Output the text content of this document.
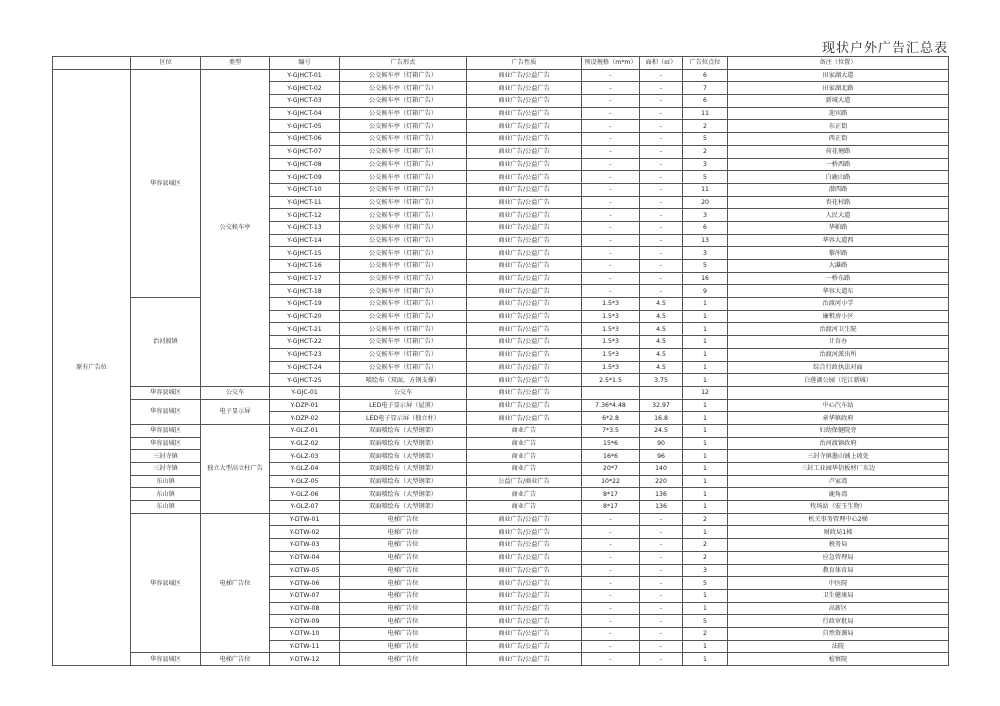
现状户外广告汇总表
	区位	类型	编号	广告形式	广告性质	预设规格（m*m）	面积（㎡）	广告位点位	备注（位置）
原有广告位	华容县城区	公交候车亭	Y-GJHCT-01	公交候车亭（灯箱广告）	商业广告/公益广告	-	-	6	田家湖大道
			Y-GJHCT-02	公交候车亭（灯箱广告）	商业广告/公益广告	-	-	7	田家湖北路
			Y-GJHCT-03	公交候车亭（灯箱广告）	商业广告/公益广告	-	-	6	新城大道
			Y-GJHCT-04	公交候车亭（灯箱广告）	商业广告/公益广告	-	-	11	迎宾路
			Y-GJHCT-05	公交候车亭（灯箱广告）	商业广告/公益广告	-	-	2	东正街
			Y-GJHCT-06	公交候车亭（灯箱广告）	商业广告/公益广告	-	-	5	西正街
			Y-GJHCT-07	公交候车亭（灯箱广告）	商业广告/公益广告	-	-	2	荷花塘路
			Y-GJHCT-08	公交候车亭（灯箱广告）	商业广告/公益广告	-	-	3	一桥西路
			Y-GJHCT-09	公交候车亭（灯箱广告）	商业广告/公益广告	-	-	5	白鹿山路
			Y-GJHCT-10	公交候车亭（灯箱广告）	商业广告/公益广告	-	-	11	潜西路
			Y-GJHCT-11	公交候车亭（灯箱广告）	商业广告/公益广告	-	-	20	杏花村路
			Y-GJHCT-12	公交候车亭（灯箱广告）	商业广告/公益广告	-	-	3	人民大道
			Y-GJHCT-13	公交候车亭（灯箱广告）	商业广告/公益广告	-	-	6	华帕路
			Y-GJHCT-14	公交候车亭（灯箱广告）	商业广告/公益广告	-	-	13	华容大道西
			Y-GJHCT-15	公交候车亭（灯箱广告）	商业广告/公益广告	-	-	3	黎浑路
			Y-GJHCT-16	公交候车亭（灯箱广告）	商业广告/公益广告	-	-	5	大瀑路
			Y-GJHCT-17	公交候车亭（灯箱广告）	商业广告/公益广告	-	-	16	一桥东路
			Y-GJHCT-18	公交候车亭（灯箱广告）	商业广告/公益广告	-	-	9	华容大道东
	治河渡镇		Y-GJHCT-19	公交候车亭（灯箱广告）	商业广告/公益广告	1.5*3	4.5	1	治渡河小学
			Y-GJHCT-20	公交候车亭（灯箱广告）	商业广告/公益广告	1.5*3	4.5	1	廉租房小区
			Y-GJHCT-21	公交候车亭（灯箱广告）	商业广告/公益广告	1.5*3	4.5	1	治渡河卫生院
			Y-GJHCT-22	公交候车亭（灯箱广告）	商业广告/公益广告	1.5*3	4.5	1	计育办
			Y-GJHCT-23	公交候车亭（灯箱广告）	商业广告/公益广告	1.5*3	4.5	1	治渡河派出所
			Y-GJHCT-24	公交候车亭（灯箱广告）	商业广告/公益广告	1.5*3	4.5	1	综合行政执法对面
			Y-GJHCT-25	喷绘布（双面，方钢支撑）	商业广告/公益广告	2.5*1.5	3.75	1	白莲湖公园（沱江新城）
	华容县城区	公交车	Y-GJC-01	公交车	商业广告/公益广告			12	
	华容县城区	电子显示屏	Y-DZP-01	LED电子显示屏（屋顶）	商业广告/公益广告	7.36*4.48	32.97	1	中心汽车站
			Y-DZP-02	LED电子显示屏（独立柱）	商业广告/公益广告	6*2.8	16.8	1	章华镇政府
	华容县城区	独立大型高立柱广告	Y-GLZ-01	双面喷绘布（大型钢架）	商业广告	7*3.5	24.5	1	妇幼保健院旁
	华容县城区		Y-GLZ-02	双面喷绘布（大型钢架）	商业广告	15*6	90	1	治河渡镇政府
	三封寺镇		Y-GLZ-03	双面喷绘布（大型钢架）	商业广告	16*6	96	1	三封寺镇墨山铺上坡处
	三封寺镇		Y-GLZ-04	双面喷绘布（大型钢架）	商业广告	20*7	140	1	三封工业园华信板材厂东边
	东山镇		Y-GLZ-05	双面喷绘布（大型钢架）	公益广告/商业广告	10*22	220	1	卢家湾
	东山镇		Y-GLZ-06	双面喷绘布（大型钢架）	商业广告	8*17	136	1	鹿角湾
	东山镇		Y-GLZ-07	双面喷绘布（大型钢架）	商业广告	8*17	136	1	牧场站（宏玉生物）
	华容县城区	电梯广告位	Y-DTW-01	电梯广告位	商业广告/公益广告	-	-	2	机关事务管理中心2梯
			Y-DTW-02	电梯广告位	商业广告/公益广告	-	-	1	财政局1梯
			Y-DTW-03	电梯广告位	商业广告/公益广告	-	-	2	税务局
			Y-DTW-04	电梯广告位	商业广告/公益广告	-	-	2	应急管理局
			Y-DTW-05	电梯广告位	商业广告/公益广告	-	-	3	教育体育局
			Y-DTW-06	电梯广告位	商业广告/公益广告	-	-	5	中医院
			Y-DTW-07	电梯广告位	商业广告/公益广告	-	-	1	卫生健康局
			Y-DTW-08	电梯广告位	商业广告/公益广告	-	-	1	高新区
			Y-DTW-09	电梯广告位	商业广告/公益广告	-	-	5	行政审批局
			Y-DTW-10	电梯广告位	商业广告/公益广告	-	-	2	自然资源局
			Y-DTW-11	电梯广告位	商业广告/公益广告	-	-	1	法院
	华容县城区	电梯广告位	Y-DTW-12	电梯广告位	商业广告/公益广告	-	-	1	检察院
